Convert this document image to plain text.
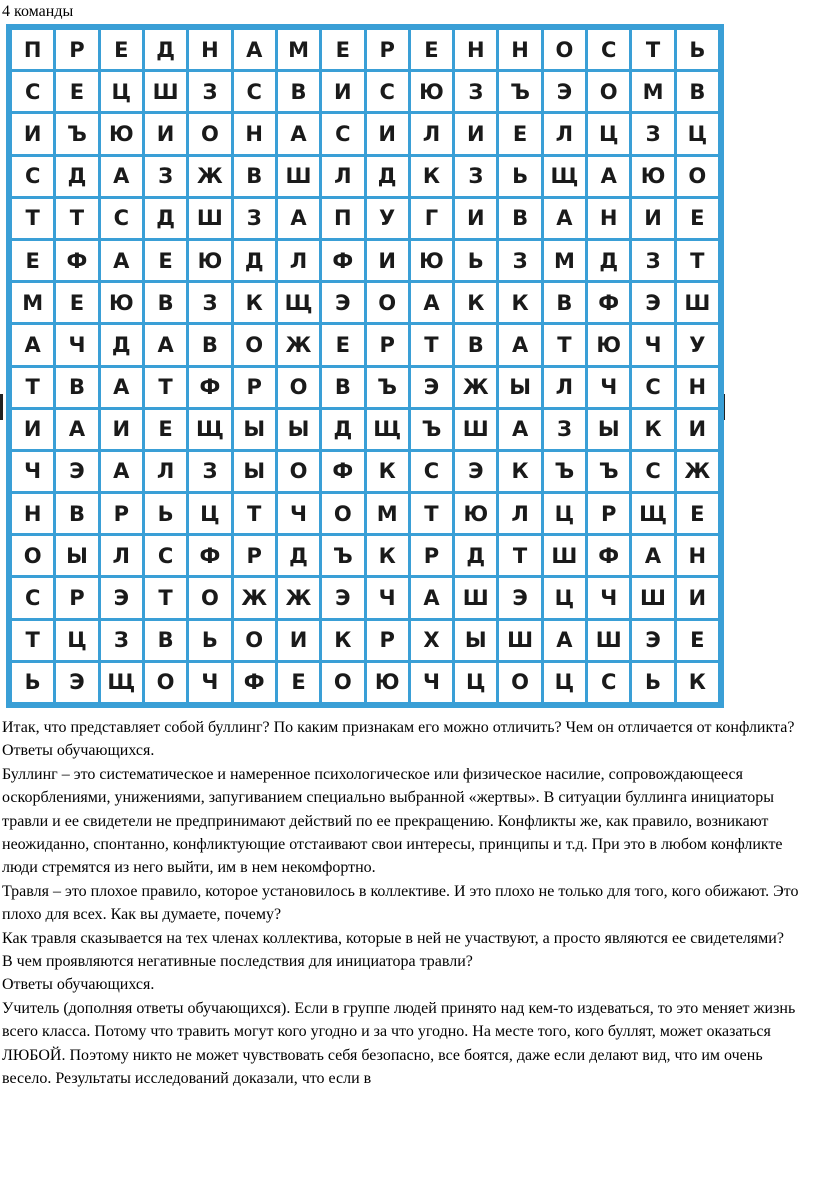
4 команды
П	Р	Е	Д	Н	А	М	Е	Р	Е	Н	Н	О	С	Т	Ь
С	Е	Ц	Ш	З	С	В	И	С	Ю	З	Ъ	Э	О	М	В
И	Ъ	Ю	И	О	Н	А	С	И	Л	И	Е	Л	Ц	З	Ц
С	Д	А	З	Ж	В	Ш	Л	Д	К	З	Ь	Щ	А	Ю	О
Т	Т	С	Д	Ш	З	А	П	У	Г	И	В	А	Н	И	Е
Е	Ф	А	Е	Ю	Д	Л	Ф	И	Ю	Ь	З	М	Д	З	Т
М	Е	Ю	В	З	К	Щ	Э	О	А	К	К	В	Ф	Э	Ш
А	Ч	Д	А	В	О	Ж	Е	Р	Т	В	А	Т	Ю	Ч	У
Т	В	А	Т	Ф	Р	О	В	Ъ	Э	Ж	Ы	Л	Ч	С	Н
И	А	И	Е	Щ	Ы	Ы	Д	Щ	Ъ	Ш	А	З	Ы	К	И
Ч	Э	А	Л	З	Ы	О	Ф	К	С	Э	К	Ъ	Ъ	С	Ж
Н	В	Р	Ь	Ц	Т	Ч	О	М	Т	Ю	Л	Ц	Р	Щ	Е
О	Ы	Л	С	Ф	Р	Д	Ъ	К	Р	Д	Т	Ш	Ф	А	Н
С	Р	Э	Т	О	Ж	Ж	Э	Ч	А	Ш	Э	Ц	Ч	Ш	И
Т	Ц	З	В	Ь	О	И	К	Р	Х	Ы	Ш	А	Ш	Э	Е
Ь	Э	Щ	О	Ч	Ф	Е	О	Ю	Ч	Ц	О	Ц	С	Ь	К

Итак, что представляет собой буллинг? По каким признакам его можно отличить? Чем он отличается от конфликта?

Ответы обучающихся.

Буллинг – это систематическое и намеренное психологическое или физическое насилие, сопровождающееся оскорблениями, унижениями, запугиванием специально выбранной «жертвы». В ситуации буллинга инициаторы травли и ее свидетели не предпринимают действий по ее прекращению. Конфликты же, как правило, возникают неожиданно, спонтанно, конфликтующие отстаивают свои интересы, принципы и т.д. При это в любом конфликте люди стремятся из него выйти, им в нем некомфортно.

Травля – это плохое правило, которое установилось в коллективе. И это плохо не только для того, кого обижают. Это плохо для всех. Как вы думаете, почему?

Как травля сказывается на тех членах коллектива, которые в ней не участвуют, а просто являются ее свидетелями?

В чем проявляются негативные последствия для инициатора травли?

Ответы обучающихся.

Учитель (дополняя ответы обучающихся). Если в группе людей принято над кем-то издеваться, то это меняет жизнь всего класса. Потому что травить могут кого угодно и за что угодно. На месте того, кого буллят, может оказаться ЛЮБОЙ. Поэтому никто не может чувствовать себя безопасно, все боятся, даже если делают вид, что им очень весело. Результаты исследований доказали, что если в
